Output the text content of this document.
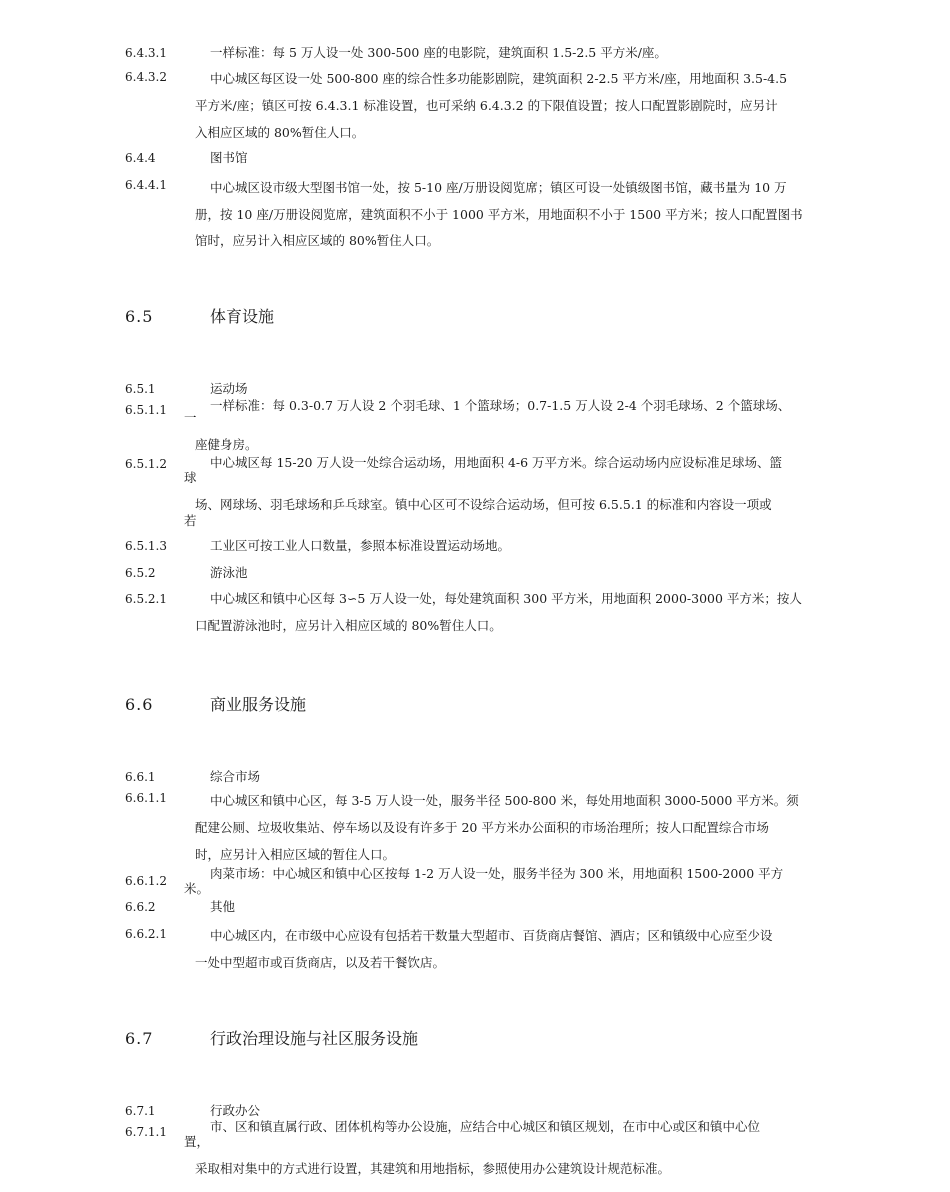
6.4.3.1	一样标准：每 5 万人设一处 300-500 座的电影院，建筑面积 1.5-2.5 平方米/座。
6.4.3.2	中心城区每区设一处 500-800 座的综合性多功能影剧院，建筑面积 2-2.5 平方米/座，用地面积 3.5-4.5
平方米/座；镇区可按 6.4.3.1 标准设置，也可采纳 6.4.3.2 的下限值设置；按人口配置影剧院时，应另计
入相应区域的 80%暂住人口。
6.4.4	图书馆
6.4.4.1	中心城区设市级大型图书馆一处，按 5-10 座/万册设阅览席；镇区可设一处镇级图书馆，藏书量为 10 万
册，按 10 座/万册设阅览席，建筑面积不小于 1000 平方米，用地面积不小于 1500 平方米；按人口配置图书
馆时，应另计入相应区域的 80%暂住人口。
6.5	体育设施
6.5.1	运动场
6.5.1.1	一样标准：每 0.3-0.7 万人设 2 个羽毛球、1 个篮球场；0.7-1.5 万人设 2-4 个羽毛球场、2 个篮球场、
一
座健身房。
6.5.1.2	中心城区每 15-20 万人设一处综合运动场，用地面积 4-6 万平方米。综合运动场内应设标准足球场、篮
球
场、网球场、羽毛球场和乒乓球室。镇中心区可不设综合运动场，但可按 6.5.5.1 的标准和内容设一项或
若
6.5.1.3	工业区可按工业人口数量，参照本标准设置运动场地。
6.5.2	游泳池
6.5.2.1	中心城区和镇中心区每 3∽5 万人设一处，每处建筑面积 300 平方米，用地面积 2000-3000 平方米；按人
口配置游泳池时，应另计入相应区域的 80%暂住人口。
6.6	商业服务设施
6.6.1	综合市场
6.6.1.1	中心城区和镇中心区，每 3-5 万人设一处，服务半径 500-800 米，每处用地面积 3000-5000 平方米。须
配建公厕、垃圾收集站、停车场以及设有许多于 20 平方米办公面积的市场治理所；按人口配置综合市场
时，应另计入相应区域的暂住人口。
6.6.1.2	肉菜市场：中心城区和镇中心区按每 1-2 万人设一处，服务半径为 300 米，用地面积 1500-2000 平方
米。
6.6.2	其他
6.6.2.1	中心城区内，在市级中心应设有包括若干数量大型超市、百货商店餐馆、酒店；区和镇级中心应至少设
一处中型超市或百货商店，以及若干餐饮店。
6.7	行政治理设施与社区服务设施
6.7.1	行政办公
6.7.1.1	市、区和镇直属行政、团体机构等办公设施，应结合中心城区和镇区规划，在市中心或区和镇中心位
置，
采取相对集中的方式进行设置，其建筑和用地指标，参照使用办公建筑设计规范标准。
